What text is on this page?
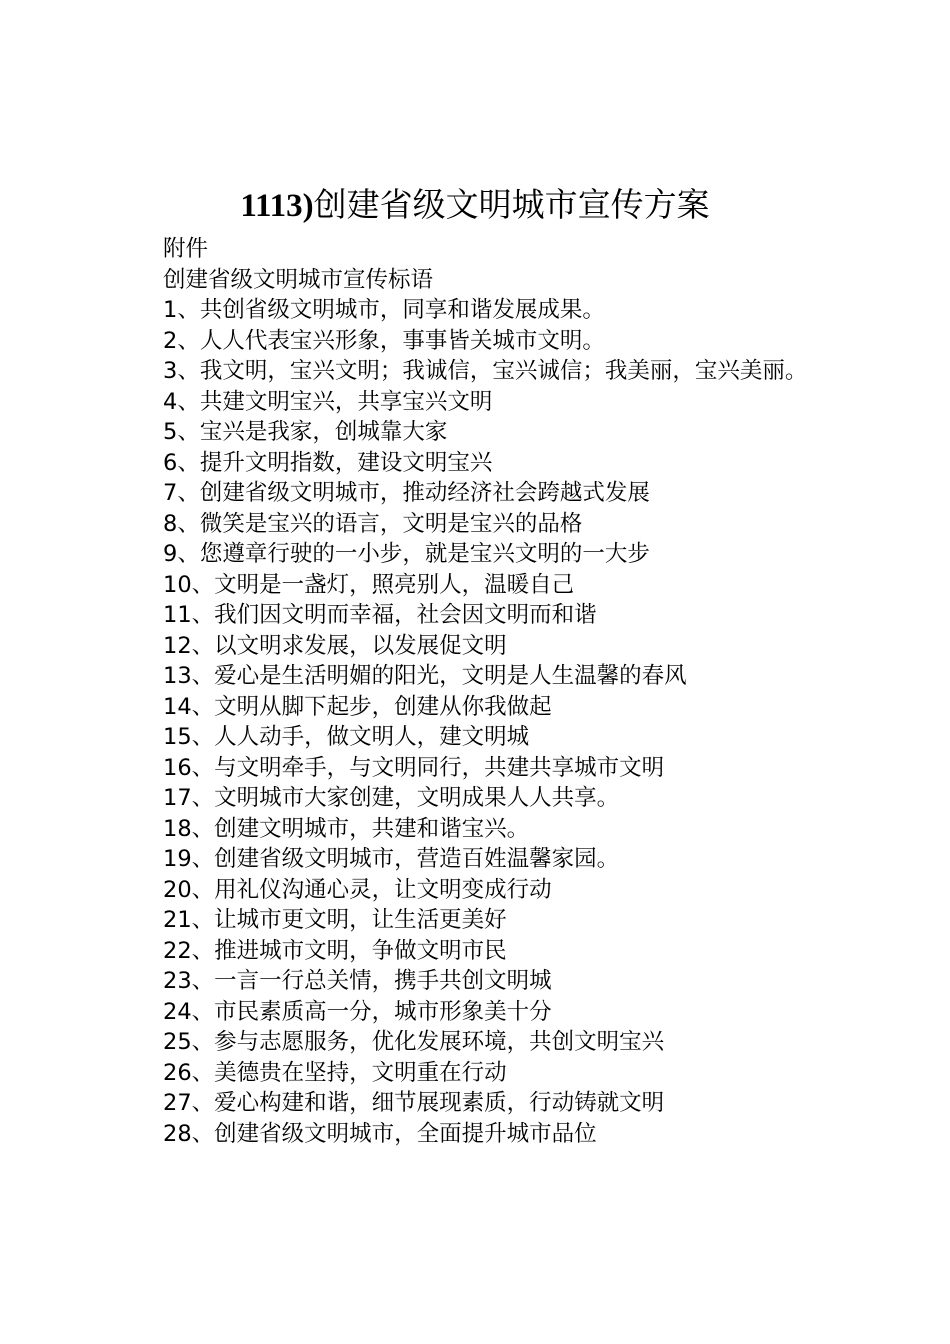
1113)创建省级文明城市宣传方案

附件

创建省级文明城市宣传标语

1、共创省级文明城市，同享和谐发展成果。

2、人人代表宝兴形象，事事皆关城市文明。

3、我文明，宝兴文明；我诚信，宝兴诚信；我美丽，宝兴美丽。

4、共建文明宝兴，共享宝兴文明

5、宝兴是我家，创城靠大家

6、提升文明指数，建设文明宝兴

7、创建省级文明城市，推动经济社会跨越式发展

8、微笑是宝兴的语言，文明是宝兴的品格

9、您遵章行驶的一小步，就是宝兴文明的一大步

10、文明是一盏灯，照亮别人，温暖自己

11、我们因文明而幸福，社会因文明而和谐

12、以文明求发展，以发展促文明

13、爱心是生活明媚的阳光，文明是人生温馨的春风

14、文明从脚下起步，创建从你我做起

15、人人动手，做文明人，建文明城

16、与文明牵手，与文明同行，共建共享城市文明

17、文明城市大家创建，文明成果人人共享。

18、创建文明城市，共建和谐宝兴。

19、创建省级文明城市，营造百姓温馨家园。

20、用礼仪沟通心灵，让文明变成行动

21、让城市更文明，让生活更美好

22、推进城市文明，争做文明市民

23、一言一行总关情，携手共创文明城

24、市民素质高一分，城市形象美十分

25、参与志愿服务，优化发展环境，共创文明宝兴

26、美德贵在坚持，文明重在行动

27、爱心构建和谐，细节展现素质，行动铸就文明

28、创建省级文明城市，全面提升城市品位
